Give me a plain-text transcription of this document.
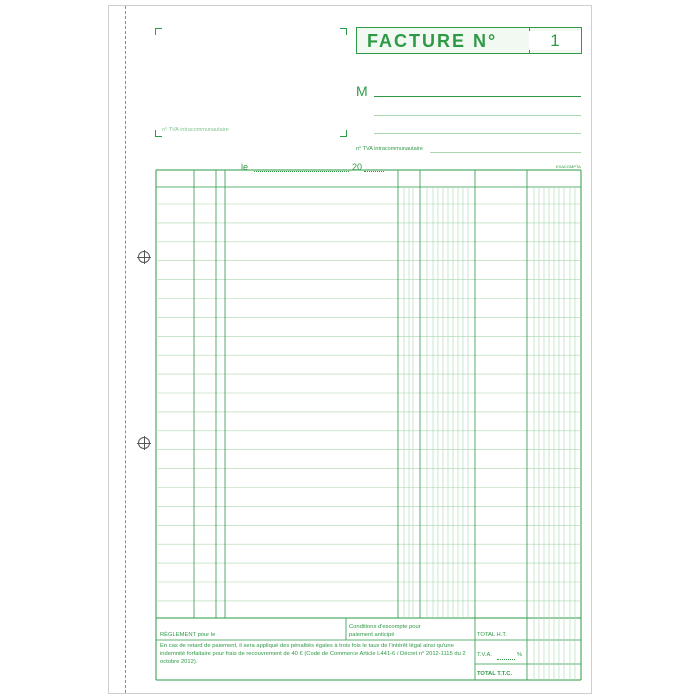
n° TVA intracommunautaire
FACTURE N°	1
M
n° TVA intracommunautaire
le	20	EXACOMPTA
RÈGLEMENT pour le
Conditions d'escompte pour paiement anticipé
En cas de retard de paiement, il sera appliqué des pénalités égales à trois fois le taux de l'intérêt légal ainsi qu'une indemnité forfaitaire pour frais de recouvrement de 40 € (Code de Commerce Article L441-6 / Décret n° 2012-1115 du 2 octobre 2012).
TOTAL H.T.
T.V.A.	%
TOTAL T.T.C.
